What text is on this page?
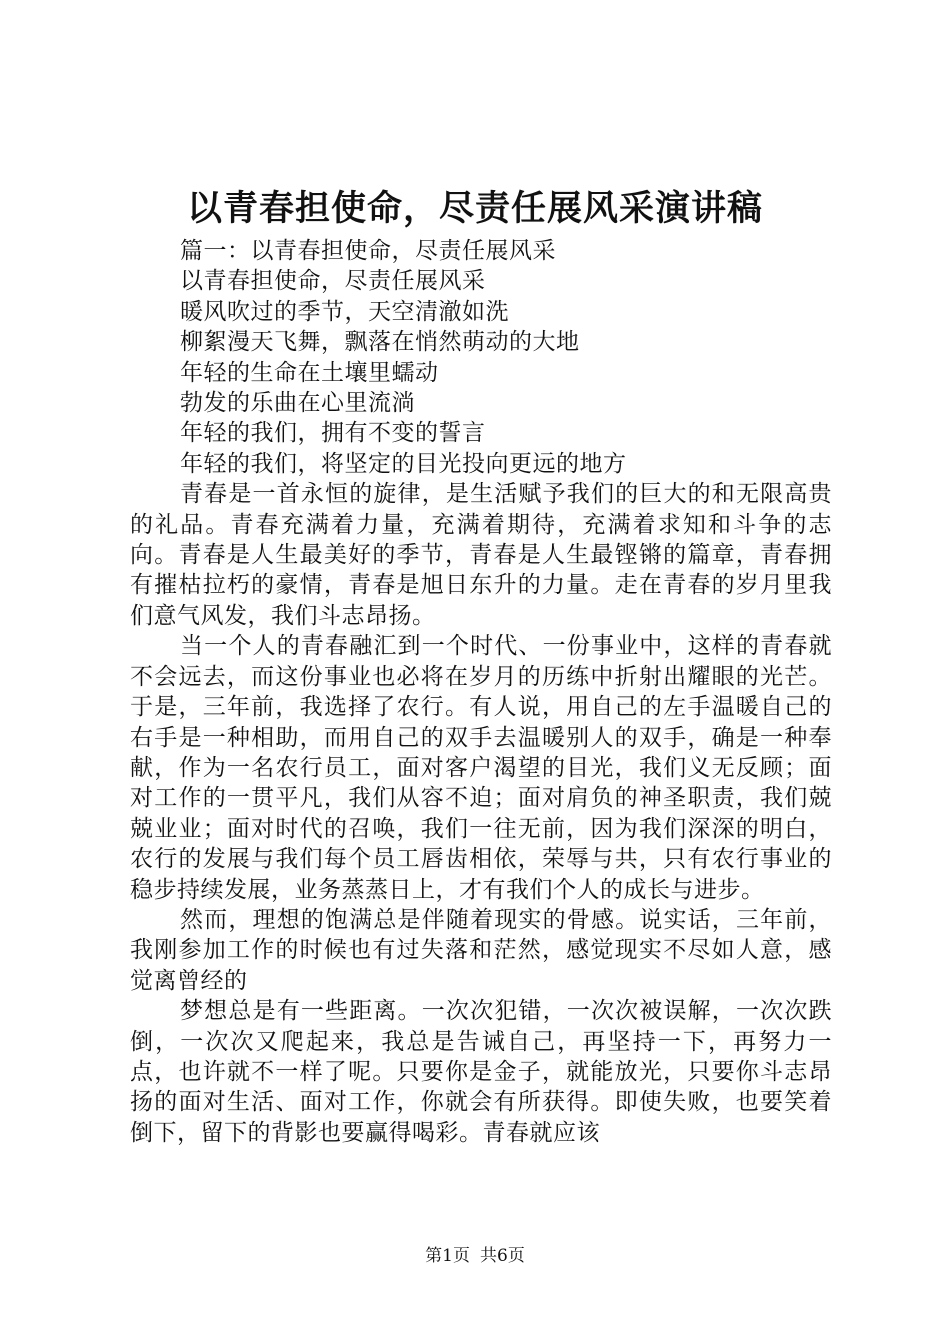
以青春担使命，尽责任展风采演讲稿

篇一：以青春担使命，尽责任展风采

以青春担使命，尽责任展风采

暖风吹过的季节，天空清澈如洗

柳絮漫天飞舞，飘落在悄然萌动的大地

年轻的生命在土壤里蠕动

勃发的乐曲在心里流淌

年轻的我们，拥有不变的誓言

年轻的我们，将坚定的目光投向更远的地方

青春是一首永恒的旋律，是生活赋予我们的巨大的和无限高贵的礼品。青春充满着力量，充满着期待，充满着求知和斗争的志向。青春是人生最美好的季节，青春是人生最铿锵的篇章，青春拥有摧枯拉朽的豪情，青春是旭日东升的力量。走在青春的岁月里我们意气风发，我们斗志昂扬。

当一个人的青春融汇到一个时代、一份事业中，这样的青春就不会远去，而这份事业也必将在岁月的历练中折射出耀眼的光芒。于是，三年前，我选择了农行。有人说，用自己的左手温暖自己的右手是一种相助，而用自己的双手去温暖别人的双手，确是一种奉献，作为一名农行员工，面对客户渴望的目光，我们义无反顾；面对工作的一贯平凡，我们从容不迫；面对肩负的神圣职责，我们兢兢业业；面对时代的召唤，我们一往无前，因为我们深深的明白，农行的发展与我们每个员工唇齿相依，荣辱与共，只有农行事业的稳步持续发展，业务蒸蒸日上，才有我们个人的成长与进步。

然而，理想的饱满总是伴随着现实的骨感。说实话，三年前，我刚参加工作的时候也有过失落和茫然，感觉现实不尽如人意，感觉离曾经的

梦想总是有一些距离。一次次犯错，一次次被误解，一次次跌倒，一次次又爬起来，我总是告诫自己，再坚持一下，再努力一点，也许就不一样了呢。只要你是金子，就能放光，只要你斗志昂扬的面对生活、面对工作，你就会有所获得。即使失败，也要笑着倒下，留下的背影也要赢得喝彩。青春就应该

第1页 共6页
